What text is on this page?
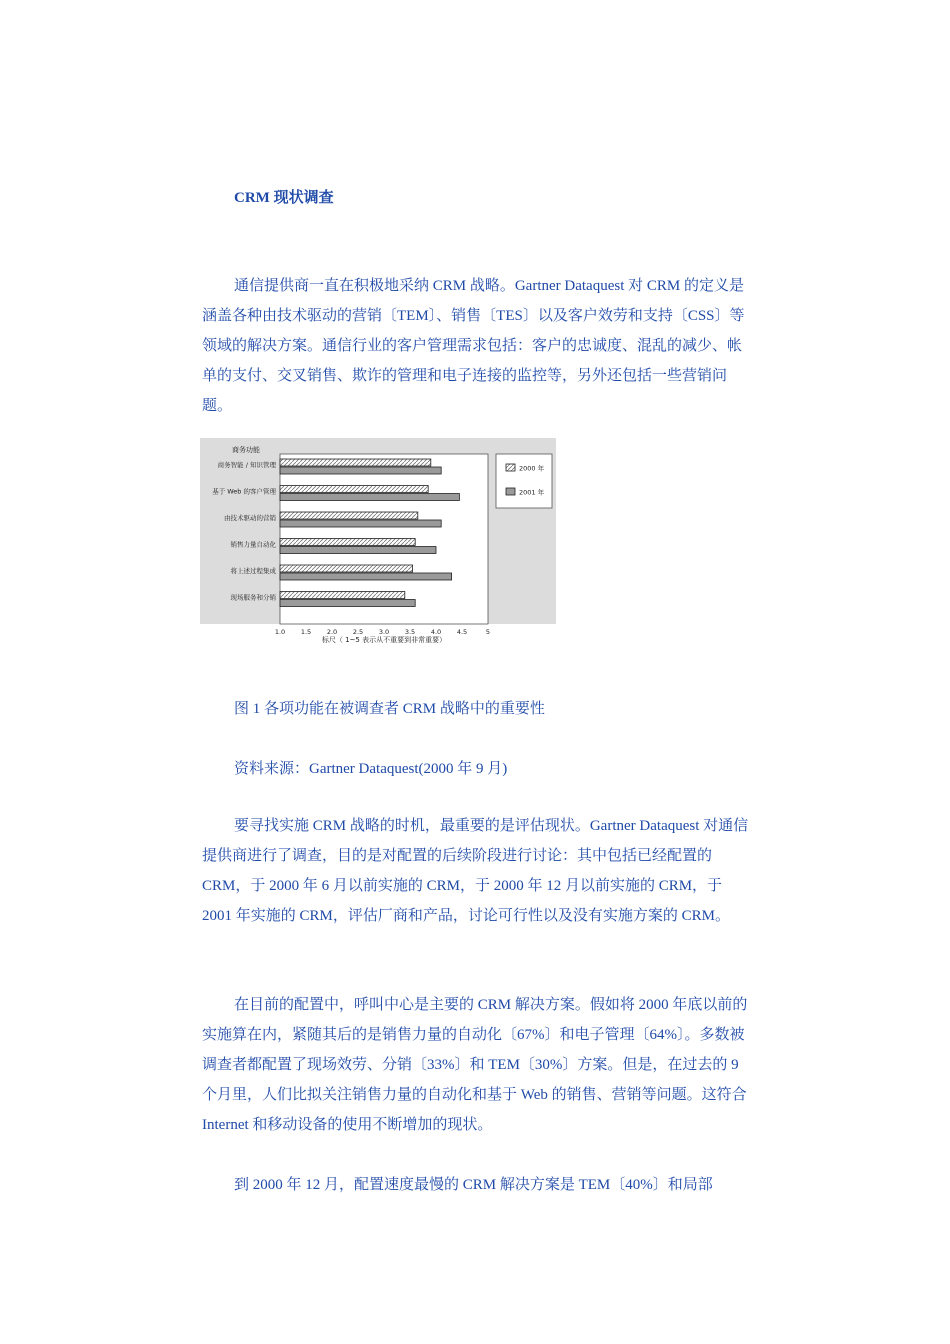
CRM 现状调查

通信提供商一直在积极地采纳 CRM 战略。Gartner Dataquest 对 CRM 的定义是涵盖各种由技术驱动的营销〔TEM〕、销售〔TES〕以及客户效劳和支持〔CSS〕等领域的解决方案。通信行业的客户管理需求包括：客户的忠诚度、混乱的减少、帐单的支付、交叉销售、欺诈的管理和电子连接的监控等，另外还包括一些营销问题。

商务功能
商务智能 / 知识管理
基于 Web 的客户管理
由技术驱动的营销
销售力量自动化
将上述过程集成
现场服务和分销
1.0 1.5 2.0 2.5 3.0 3.5 4.0 4.5	5
2000 年
2001 年
标尺（ 1~5 表示从不重要到非常重要）
图 1 各项功能在被调查者 CRM 战略中的重要性
资料来源：Gartner Dataquest(2000 年 9 月)

要寻找实施 CRM 战略的时机，最重要的是评估现状。Gartner Dataquest 对通信提供商进行了调查，目的是对配置的后续阶段进行讨论：其中包括已经配置的 CRM，于 2000 年 6 月以前实施的 CRM，于 2000 年 12 月以前实施的 CRM，于 2001 年实施的 CRM，评估厂商和产品，讨论可行性以及没有实施方案的 CRM。

在目前的配置中，呼叫中心是主要的 CRM 解决方案。假如将 2000 年底以前的实施算在内，紧随其后的是销售力量的自动化〔67%〕和电子管理〔64%〕。多数被调查者都配置了现场效劳、分销〔33%〕和 TEM〔30%〕方案。但是，在过去的 9 个月里，人们比拟关注销售力量的自动化和基于 Web 的销售、营销等问题。这符合 Internet 和移动设备的使用不断增加的现状。

到 2000 年 12 月，配置速度最慢的 CRM 解决方案是 TEM〔40%〕和局部
